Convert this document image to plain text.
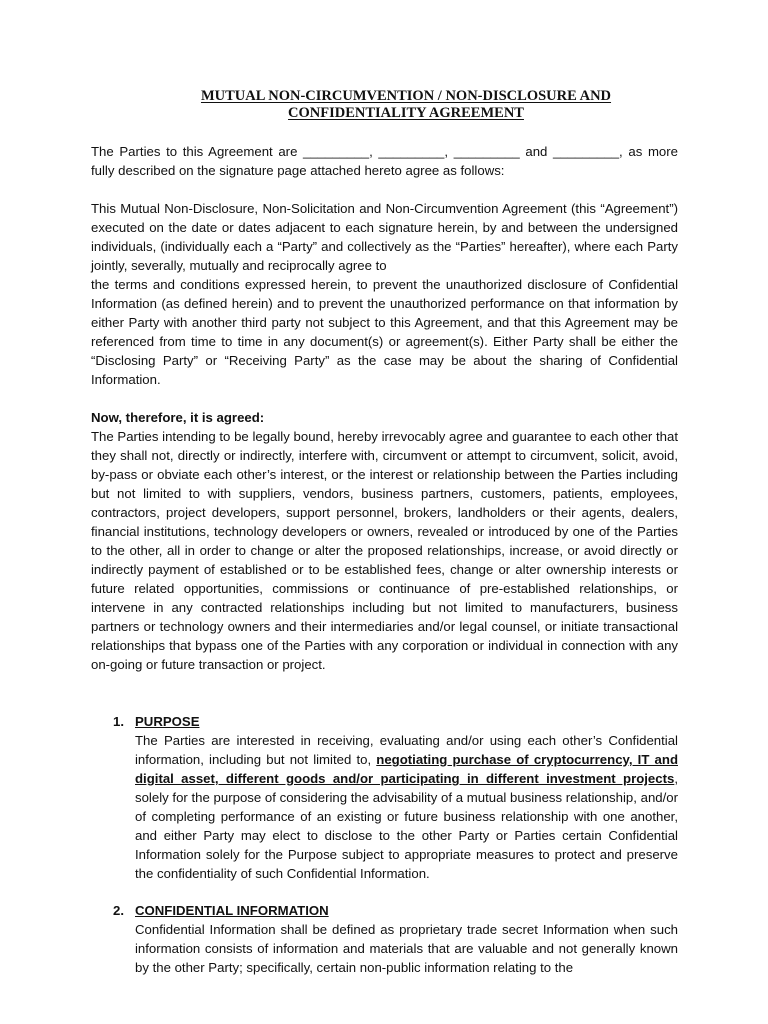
MUTUAL NON-CIRCUMVENTION / NON-DISCLOSURE AND
CONFIDENTIALITY AGREEMENT

The Parties to this Agreement are _________, _________, _________ and _________, as more fully described on the signature page attached hereto agree as follows:

This Mutual Non-Disclosure, Non-Solicitation and Non-Circumvention Agreement (this “Agreement”) executed on the date or dates adjacent to each signature herein, by and between the undersigned individuals, (individually each a “Party” and collectively as the “Parties” hereafter), where each Party jointly, severally, mutually and reciprocally agree to

the terms and conditions expressed herein, to prevent the unauthorized disclosure of Confidential Information (as defined herein) and to prevent the unauthorized performance on that information by either Party with another third party not subject to this Agreement, and that this Agreement may be referenced from time to time in any document(s) or agreement(s). Either Party shall be either the “Disclosing Party” or “Receiving Party” as the case may be about the sharing of Confidential Information.

Now, therefore, it is agreed:

The Parties intending to be legally bound, hereby irrevocably agree and guarantee to each other that they shall not, directly or indirectly, interfere with, circumvent or attempt to circumvent, solicit, avoid, by-pass or obviate each other’s interest, or the interest or relationship between the Parties including but not limited to with suppliers, vendors, business partners, customers, patients, employees, contractors, project developers, support personnel, brokers, landholders or their agents, dealers, financial institutions, technology developers or owners, revealed or introduced by one of the Parties to the other, all in order to change or alter the proposed relationships, increase, or avoid directly or indirectly payment of established or to be established fees, change or alter ownership interests or future related opportunities, commissions or continuance of pre-established relationships, or intervene in any contracted relationships including but not limited to manufacturers, business partners or technology owners and their intermediaries and/or legal counsel, or initiate transactional relationships that bypass one of the Parties with any corporation or individual in connection with any on-going or future transaction or project.

1. PURPOSE

The Parties are interested in receiving, evaluating and/or using each other’s Confidential information, including but not limited to, negotiating purchase of cryptocurrency, IT and digital asset, different goods and/or participating in different investment projects, solely for the purpose of considering the advisability of a mutual business relationship, and/or of completing performance of an existing or future business relationship with one another, and either Party may elect to disclose to the other Party or Parties certain Confidential Information solely for the Purpose subject to appropriate measures to protect and preserve the confidentiality of such Confidential Information.

2. CONFIDENTIAL INFORMATION

Confidential Information shall be defined as proprietary trade secret Information when such information consists of information and materials that are valuable and not generally known by the other Party; specifically, certain non-public information relating to the
